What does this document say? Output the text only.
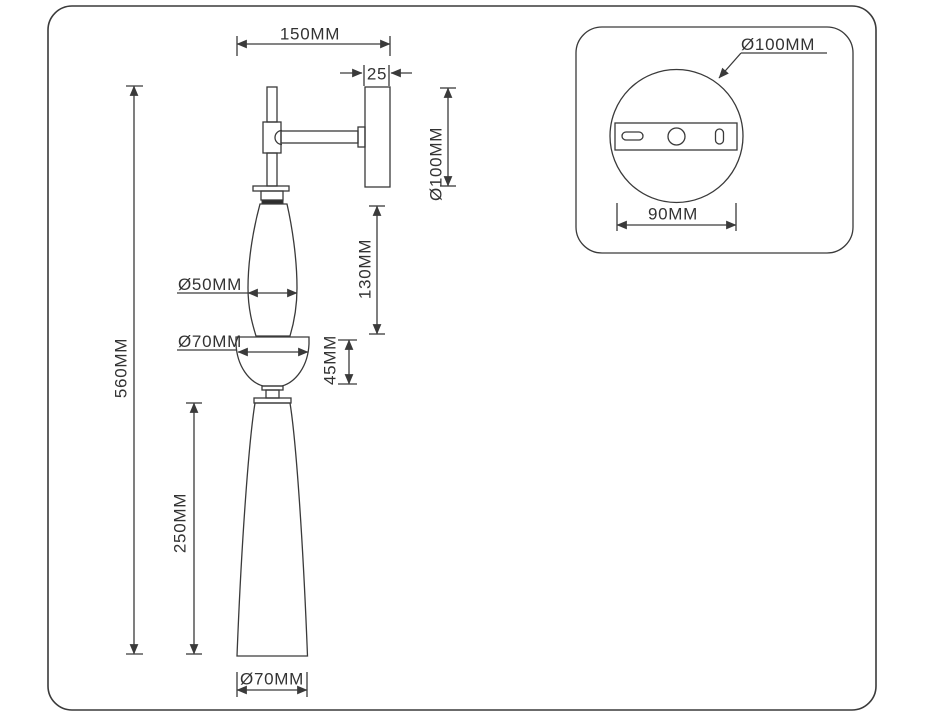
150MM
25
Ø100MM
130MM
Ø50MM
Ø70MM	45MM
560MM
250MM
Ø70MM
Ø100MM
90MM
